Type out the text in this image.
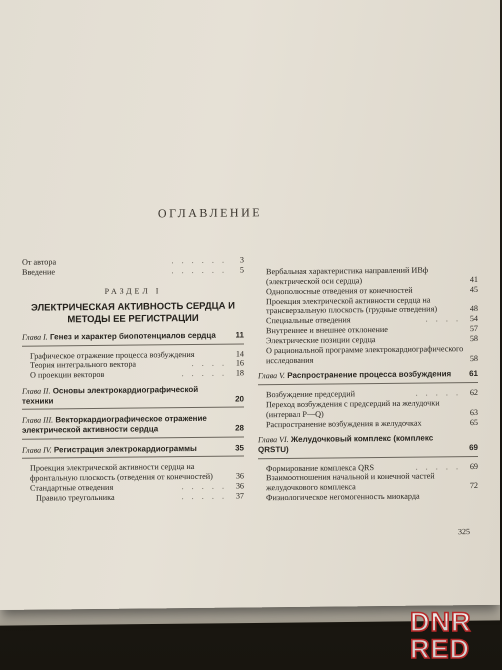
ОГЛАВЛЕНИЕ
От автора	. . . . . .	3
Введение	. . . . . .	5
РАЗДЕЛ I
ЭЛЕКТРИЧЕСКАЯ АКТИВНОСТЬ СЕРДЦА И МЕТОДЫ ЕЕ РЕГИСТРАЦИИ
Глава I. Генез и характер биопотенциалов сердца	11
Графическое отражение процесса возбуждения	14
Теория интегрального вектора	. . . .	16
О проекции векторов	. . . . .	18
Глава II. Основы электрокардиографической техники	20
Глава III. Векторкардиографическое отражение электрической активности сердца	28
Глава IV. Регистрация электрокардиограммы	35
Проекция электрической активности сердца на фронтальную плоскость (отведения от конечностей)	36
Стандартные отведения	. . . . .	36
Правило треугольника	. . . . .	37
Вербальная характеристика направлений ИВф (электрической оси сердца)	41
Однополюсные отведения от конечностей	45
Проекция электрической активности сердца на трансверзальную плоскость (грудные отведения)	48
Специальные отведения	. . . .	54
Внутреннее и внешнее отклонение	57
Электрические позиции сердца	58
О рациональной программе электрокардиографического исследования	58
Глава V. Распространение процесса возбуждения	61
Возбуждение предсердий	. . . . .	62
Переход возбуждения с предсердий на желудочки (интервал P—Q)	63
Распространение возбуждения в желудочках	65
Глава VI. Желудочковый комплекс (комплекс QRSTU)	69
Формирование комплекса QRS	. . . . .	69
Взаимоотношения начальной и конечной частей желудочкового комплекса	72
Физиологическое негомогенность миокарда
325
DNR
RED
